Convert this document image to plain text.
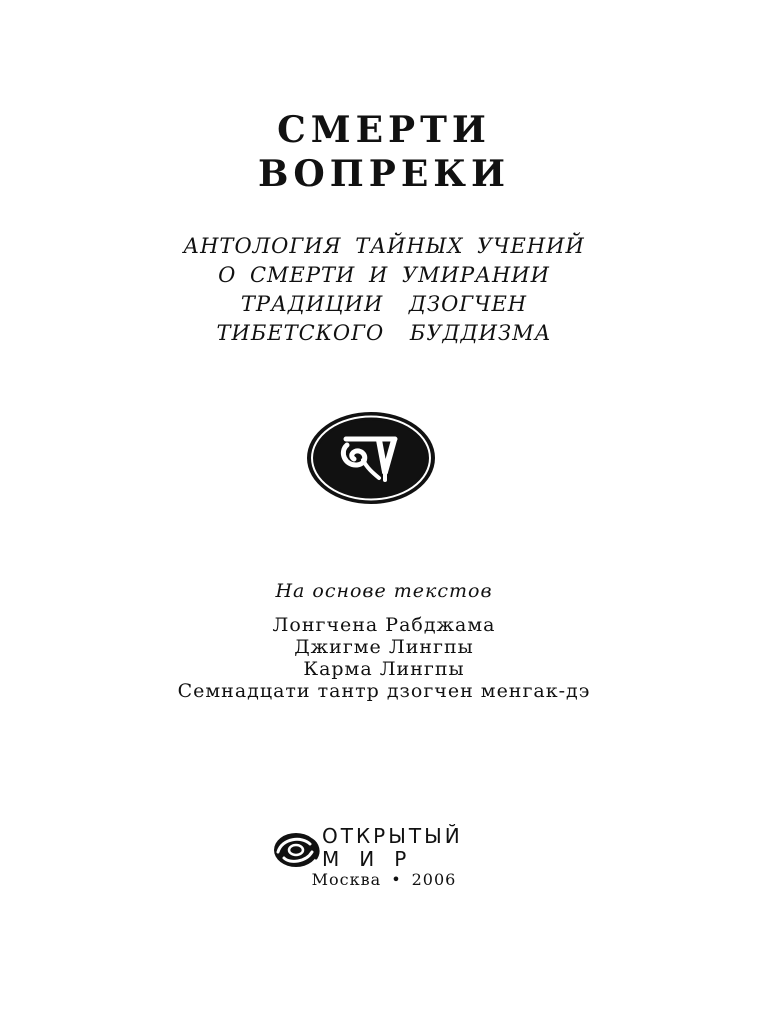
СМЕРТИ

ВОПРЕКИ

АНТОЛОГИЯ ТАЙНЫХ УЧЕНИЙ

О СМЕРТИ И УМИРАНИИ

ТРАДИЦИИ ДЗОГЧЕН

ТИБЕТСКОГО БУДДИЗМА

На основе текстов

Лонгчена Рабджама

Джигме Лингпы

Карма Лингпы

Семнадцати тантр дзогчен менгак-дэ

ОТКРЫТЫЙ
МИР

Москва • 2006
